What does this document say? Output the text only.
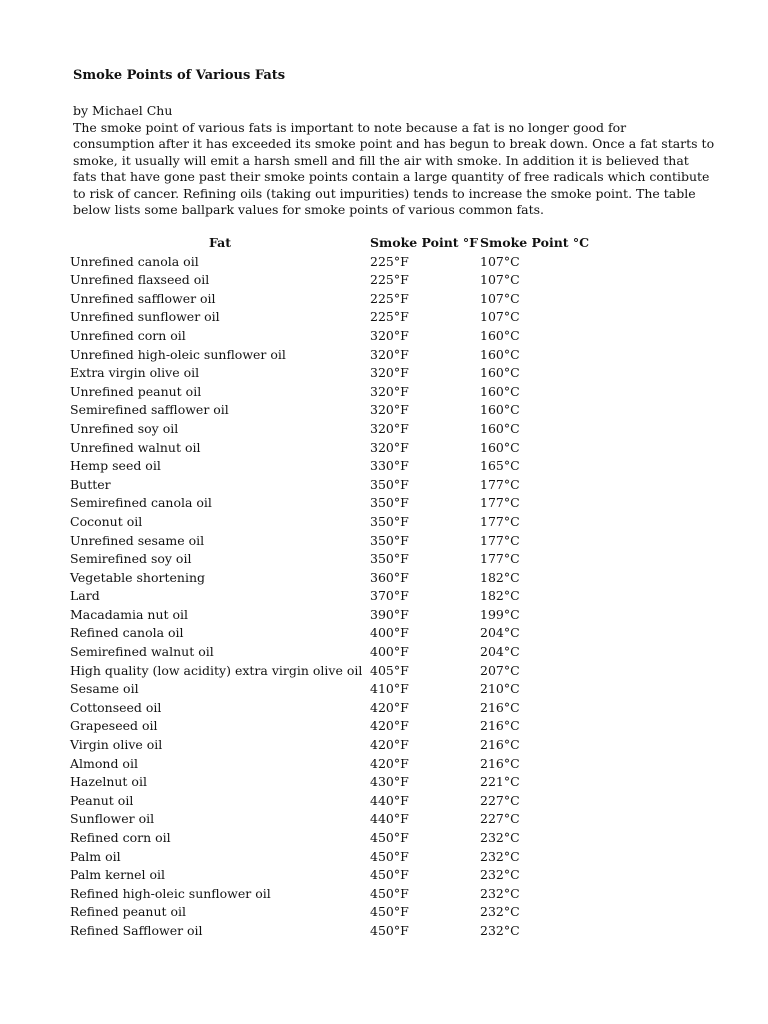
Smoke Points of Various Fats
by Michael Chu
The smoke point of various fats is important to note because a fat is no longer good for
consumption after it has exceeded its smoke point and has begun to break down. Once a fat starts to
smoke, it usually will emit a harsh smell and fill the air with smoke. In addition it is believed that
fats that have gone past their smoke points contain a large quantity of free radicals which contibute
to risk of cancer. Refining oils (taking out impurities) tends to increase the smoke point. The table
below lists some ballpark values for smoke points of various common fats.
Fat	Smoke Point °F	Smoke Point °C
Unrefined canola oil	225°F	107°C
Unrefined flaxseed oil	225°F	107°C
Unrefined safflower oil	225°F	107°C
Unrefined sunflower oil	225°F	107°C
Unrefined corn oil	320°F	160°C
Unrefined high-oleic sunflower oil	320°F	160°C
Extra virgin olive oil	320°F	160°C
Unrefined peanut oil	320°F	160°C
Semirefined safflower oil	320°F	160°C
Unrefined soy oil	320°F	160°C
Unrefined walnut oil	320°F	160°C
Hemp seed oil	330°F	165°C
Butter	350°F	177°C
Semirefined canola oil	350°F	177°C
Coconut oil	350°F	177°C
Unrefined sesame oil	350°F	177°C
Semirefined soy oil	350°F	177°C
Vegetable shortening	360°F	182°C
Lard	370°F	182°C
Macadamia nut oil	390°F	199°C
Refined canola oil	400°F	204°C
Semirefined walnut oil	400°F	204°C
High quality (low acidity) extra virgin olive oil	405°F	207°C
Sesame oil	410°F	210°C
Cottonseed oil	420°F	216°C
Grapeseed oil	420°F	216°C
Virgin olive oil	420°F	216°C
Almond oil	420°F	216°C
Hazelnut oil	430°F	221°C
Peanut oil	440°F	227°C
Sunflower oil	440°F	227°C
Refined corn oil	450°F	232°C
Palm oil	450°F	232°C
Palm kernel oil	450°F	232°C
Refined high-oleic sunflower oil	450°F	232°C
Refined peanut oil	450°F	232°C
Refined Safflower oil	450°F	232°C
